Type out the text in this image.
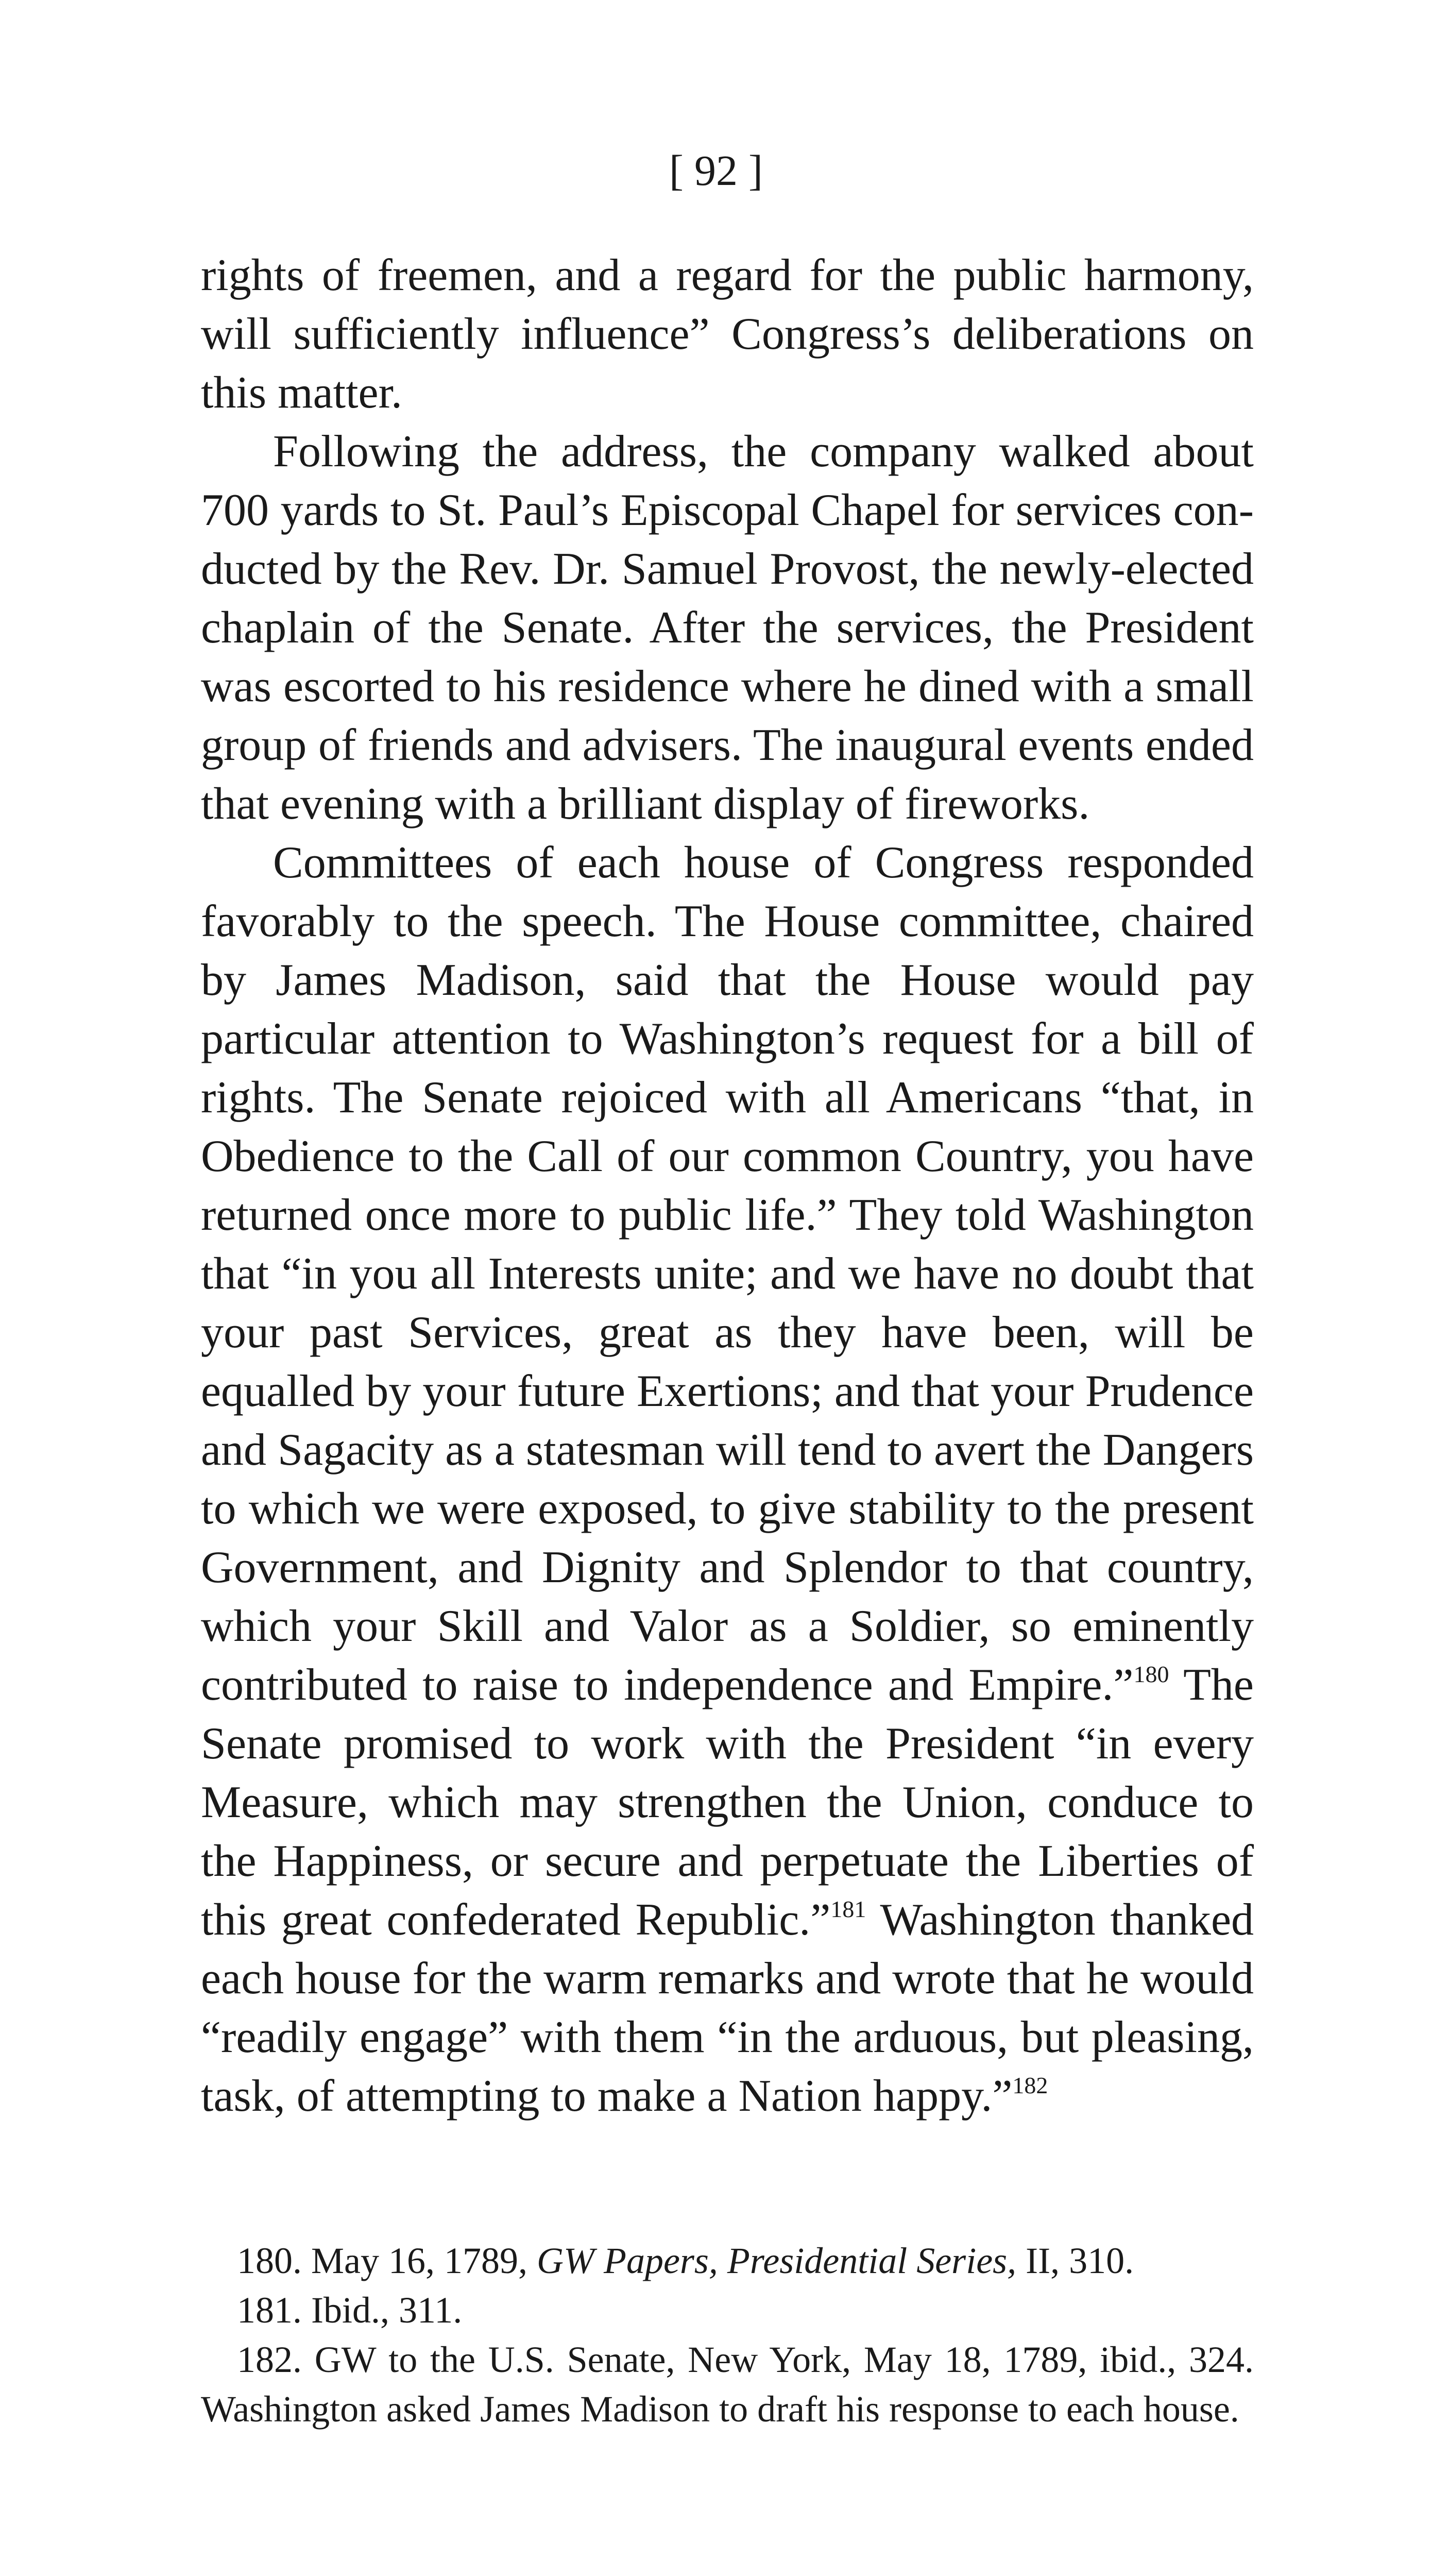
[ 92 ]

rights of freemen, and a regard for the public harmony, will sufficiently influence” Congress’s deliberations on this matter.

Following the address, the company walked about 700 yards to St. Paul’s Episcopal Chapel for services conducted by the Rev. Dr. Samuel Provost, the newly-elected chaplain of the Senate. After the services, the President was escorted to his residence where he dined with a small group of friends and advisers. The inaugural events ended that evening with a brilliant display of fireworks.

Committees of each house of Congress responded favorably to the speech. The House committee, chaired by James Madison, said that the House would pay particular attention to Washington’s request for a bill of rights. The Senate rejoiced with all Americans “that, in Obedience to the Call of our common Country, you have returned once more to public life.” They told Washington that “in you all Interests unite; and we have no doubt that your past Services, great as they have been, will be equalled by your future Exertions; and that your Prudence and Sagacity as a statesman will tend to avert the Dangers to which we were exposed, to give stability to the present Government, and Dignity and Splendor to that country, which your Skill and Valor as a Soldier, so eminently contributed to raise to independence and Empire.”$^{180}$ The Senate promised to work with the President “in every Measure, which may strengthen the Union, conduce to the Happiness, or secure and perpetuate the Liberties of this great confederated Republic.”$^{181}$ Washington thanked each house for the warm remarks and wrote that he would “readily engage” with them “in the arduous, but pleasing, task, of attempting to make a Nation happy.”$^{182}$

180. May 16, 1789, GW Papers, Presidential Series, II, 310.

181. Ibid., 311.

182. GW to the U.S. Senate, New York, May 18, 1789, ibid., 324. Washington asked James Madison to draft his response to each house.
